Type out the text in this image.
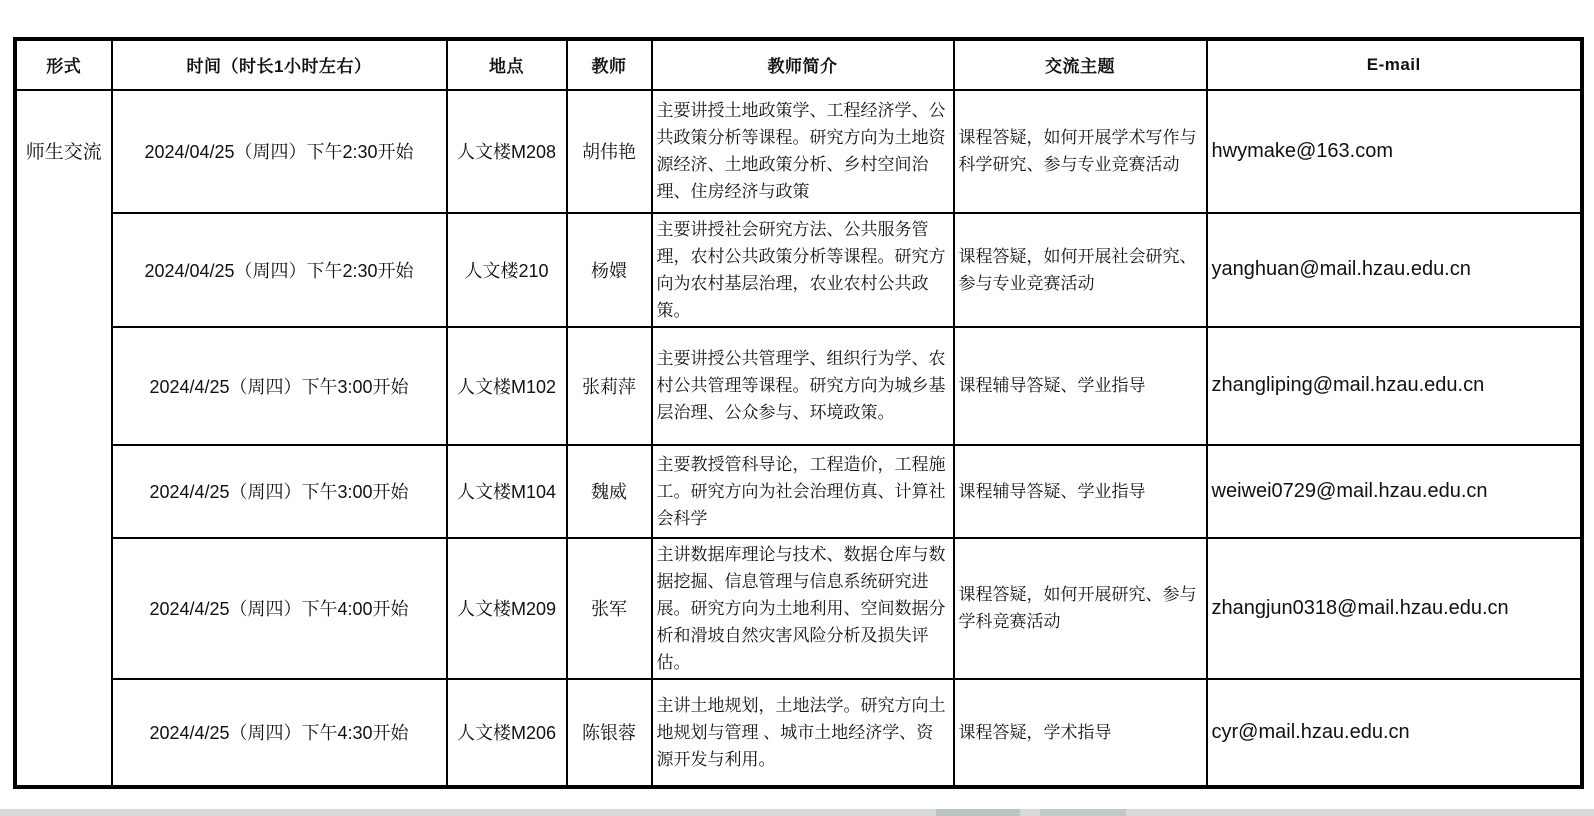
形式	时间（时长1小时左右）	地点	教师	教师简介	交流主题	E-mail
师生交流	2024/04/25（周四）下午2:30开始	人文楼M208	胡伟艳	主要讲授土地政策学、工程经济学、公共政策分析等课程。研究方向为土地资源经济、土地政策分析、乡村空间治理、住房经济与政策	课程答疑，如何开展学术写作与科学研究、参与专业竞赛活动	hwymake@163.com
	2024/04/25（周四）下午2:30开始	人文楼210	杨嬛	主要讲授社会研究方法、公共服务管理，农村公共政策分析等课程。研究方向为农村基层治理，农业农村公共政策。	课程答疑，如何开展社会研究、参与专业竞赛活动	yanghuan@mail.hzau.edu.cn
	2024/4/25（周四）下午3:00开始	人文楼M102	张莉萍	主要讲授公共管理学、组织行为学、农村公共管理等课程。研究方向为城乡基层治理、公众参与、环境政策。	课程辅导答疑、学业指导	zhangliping@mail.hzau.edu.cn
	2024/4/25（周四）下午3:00开始	人文楼M104	魏威	主要教授管科导论，工程造价，工程施工。研究方向为社会治理仿真、计算社会科学	课程辅导答疑、学业指导	weiwei0729@mail.hzau.edu.cn
	2024/4/25（周四）下午4:00开始	人文楼M209	张军	主讲数据库理论与技术、数据仓库与数据挖掘、信息管理与信息系统研究进展。研究方向为土地利用、空间数据分析和滑坡自然灾害风险分析及损失评估。	课程答疑，如何开展研究、参与学科竞赛活动	zhangjun0318@mail.hzau.edu.cn
	2024/4/25（周四）下午4:30开始	人文楼M206	陈银蓉	主讲土地规划，土地法学。研究方向土地规划与管理 、城市土地经济学、资源开发与利用。	课程答疑，学术指导	cyr@mail.hzau.edu.cn
